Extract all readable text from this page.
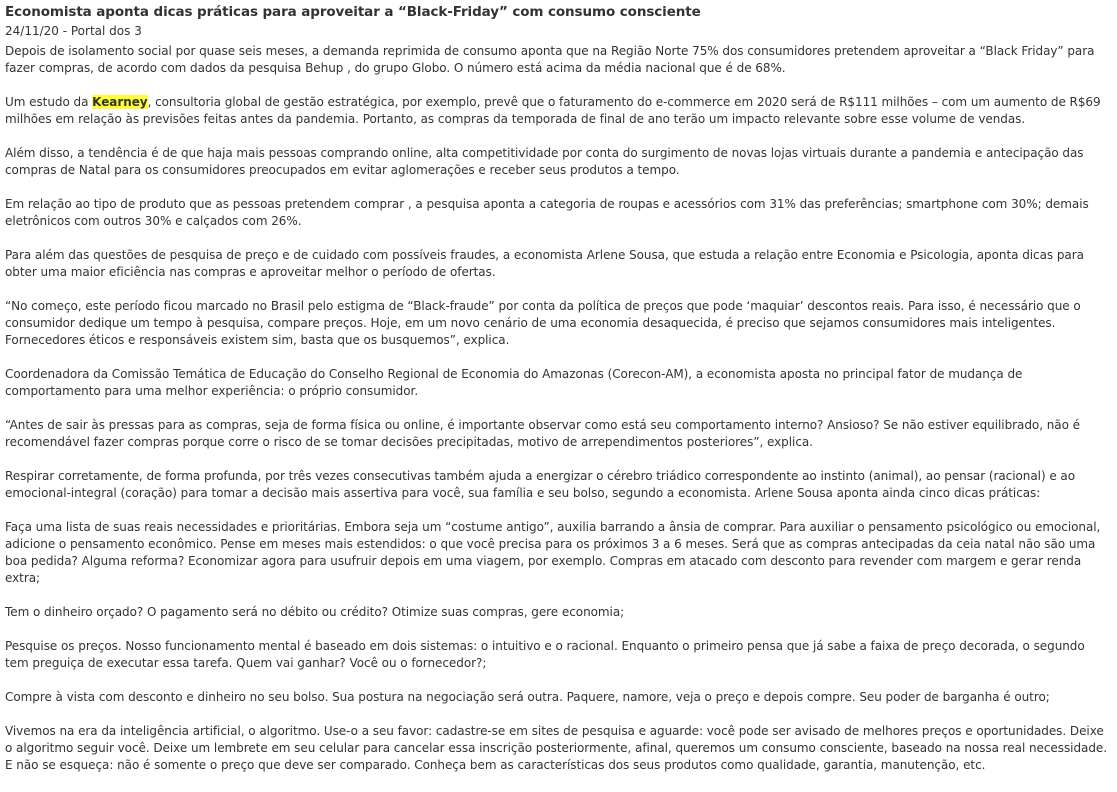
Economista aponta dicas práticas para aproveitar a “Black-Friday” com consumo consciente
24/11/20 - Portal dos 3

Depois de isolamento social por quase seis meses, a demanda reprimida de consumo aponta que na Região Norte 75% dos consumidores pretendem aproveitar a “Black Friday” para fazer compras, de acordo com dados da pesquisa Behup , do grupo Globo. O número está acima da média nacional que é de 68%.

Um estudo da Kearney, consultoria global de gestão estratégica, por exemplo, prevê que o faturamento do e-commerce em 2020 será de R$111 milhões – com um aumento de R$69 milhões em relação às previsões feitas antes da pandemia. Portanto, as compras da temporada de final de ano terão um impacto relevante sobre esse volume de vendas.

Além disso, a tendência é de que haja mais pessoas comprando online, alta competitividade por conta do surgimento de novas lojas virtuais durante a pandemia e antecipação das compras de Natal para os consumidores preocupados em evitar aglomerações e receber seus produtos a tempo.

Em relação ao tipo de produto que as pessoas pretendem comprar , a pesquisa aponta a categoria de roupas e acessórios com 31% das preferências; smartphone com 30%; demais eletrônicos com outros 30% e calçados com 26%.

Para além das questões de pesquisa de preço e de cuidado com possíveis fraudes, a economista Arlene Sousa, que estuda a relação entre Economia e Psicologia, aponta dicas para obter uma maior eficiência nas compras e aproveitar melhor o período de ofertas.

“No começo, este período ficou marcado no Brasil pelo estigma de “Black-fraude” por conta da política de preços que pode ‘maquiar’ descontos reais. Para isso, é necessário que o consumidor dedique um tempo à pesquisa, compare preços. Hoje, em um novo cenário de uma economia desaquecida, é preciso que sejamos consumidores mais inteligentes. Fornecedores éticos e responsáveis existem sim, basta que os busquemos”, explica.

Coordenadora da Comissão Temática de Educação do Conselho Regional de Economia do Amazonas (Corecon-AM), a economista aposta no principal fator de mudança de comportamento para uma melhor experiência: o próprio consumidor.

“Antes de sair às pressas para as compras, seja de forma física ou online, é importante observar como está seu comportamento interno? Ansioso? Se não estiver equilibrado, não é recomendável fazer compras porque corre o risco de se tomar decisões precipitadas, motivo de arrependimentos posteriores”, explica.

Respirar corretamente, de forma profunda, por três vezes consecutivas também ajuda a energizar o cérebro triádico correspondente ao instinto (animal), ao pensar (racional) e ao emocional-integral (coração) para tomar a decisão mais assertiva para você, sua família e seu bolso, segundo a economista. Arlene Sousa aponta ainda cinco dicas práticas:

Faça uma lista de suas reais necessidades e prioritárias. Embora seja um “costume antigo”, auxilia barrando a ânsia de comprar. Para auxiliar o pensamento psicológico ou emocional, adicione o pensamento econômico. Pense em meses mais estendidos: o que você precisa para os próximos 3 a 6 meses. Será que as compras antecipadas da ceia natal não são uma boa pedida? Alguma reforma? Economizar agora para usufruir depois em uma viagem, por exemplo. Compras em atacado com desconto para revender com margem e gerar renda extra;

Tem o dinheiro orçado? O pagamento será no débito ou crédito? Otimize suas compras, gere economia;

Pesquise os preços. Nosso funcionamento mental é baseado em dois sistemas: o intuitivo e o racional. Enquanto o primeiro pensa que já sabe a faixa de preço decorada, o segundo tem preguiça de executar essa tarefa. Quem vai ganhar? Você ou o fornecedor?;

Compre à vista com desconto e dinheiro no seu bolso. Sua postura na negociação será outra. Paquere, namore, veja o preço e depois compre. Seu poder de barganha é outro;

Vivemos na era da inteligência artificial, o algoritmo. Use-o a seu favor: cadastre-se em sites de pesquisa e aguarde: você pode ser avisado de melhores preços e oportunidades. Deixe o algoritmo seguir você. Deixe um lembrete em seu celular para cancelar essa inscrição posteriormente, afinal, queremos um consumo consciente, baseado na nossa real necessidade. E não se esqueça: não é somente o preço que deve ser comparado. Conheça bem as características dos seus produtos como qualidade, garantia, manutenção, etc.
